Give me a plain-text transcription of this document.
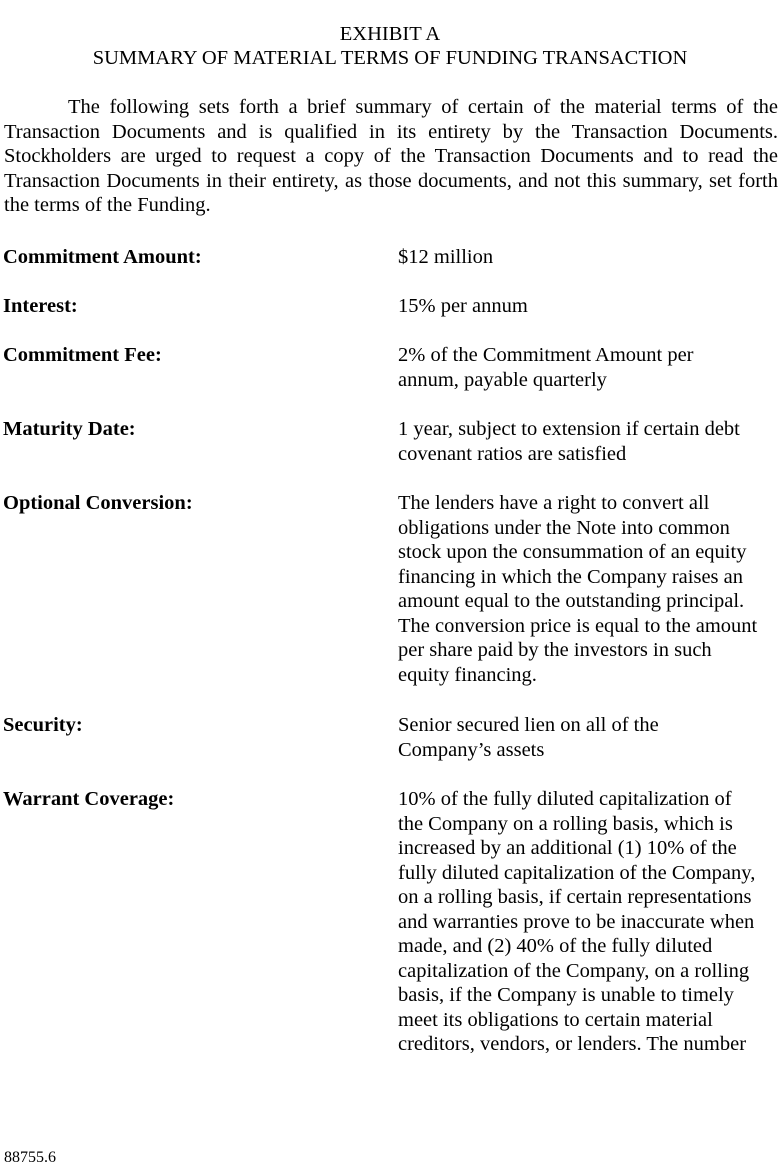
EXHIBIT A
SUMMARY OF MATERIAL TERMS OF FUNDING TRANSACTION
The following sets forth a brief summary of certain of the material terms of the Transaction Documents and is qualified in its entirety by the Transaction Documents. Stockholders are urged to request a copy of the Transaction Documents and to read the Transaction Documents in their entirety, as those documents, and not this summary, set forth the terms of the Funding.
Commitment Amount:	$12 million
Interest:	15% per annum
Commitment Fee:	2% of the Commitment Amount per
annum, payable quarterly
Maturity Date:	1 year, subject to extension if certain debt
covenant ratios are satisfied
Optional Conversion:	The lenders have a right to convert all
obligations under the Note into common
stock upon the consummation of an equity
financing in which the Company raises an
amount equal to the outstanding principal.
The conversion price is equal to the amount
per share paid by the investors in such
equity financing.
Security:	Senior secured lien on all of the
Company’s assets
Warrant Coverage:	10% of the fully diluted capitalization of
the Company on a rolling basis, which is
increased by an additional (1) 10% of the
fully diluted capitalization of the Company,
on a rolling basis, if certain representations
and warranties prove to be inaccurate when
made, and (2) 40% of the fully diluted
capitalization of the Company, on a rolling
basis, if the Company is unable to timely
meet its obligations to certain material
creditors, vendors, or lenders. The number
88755.6
